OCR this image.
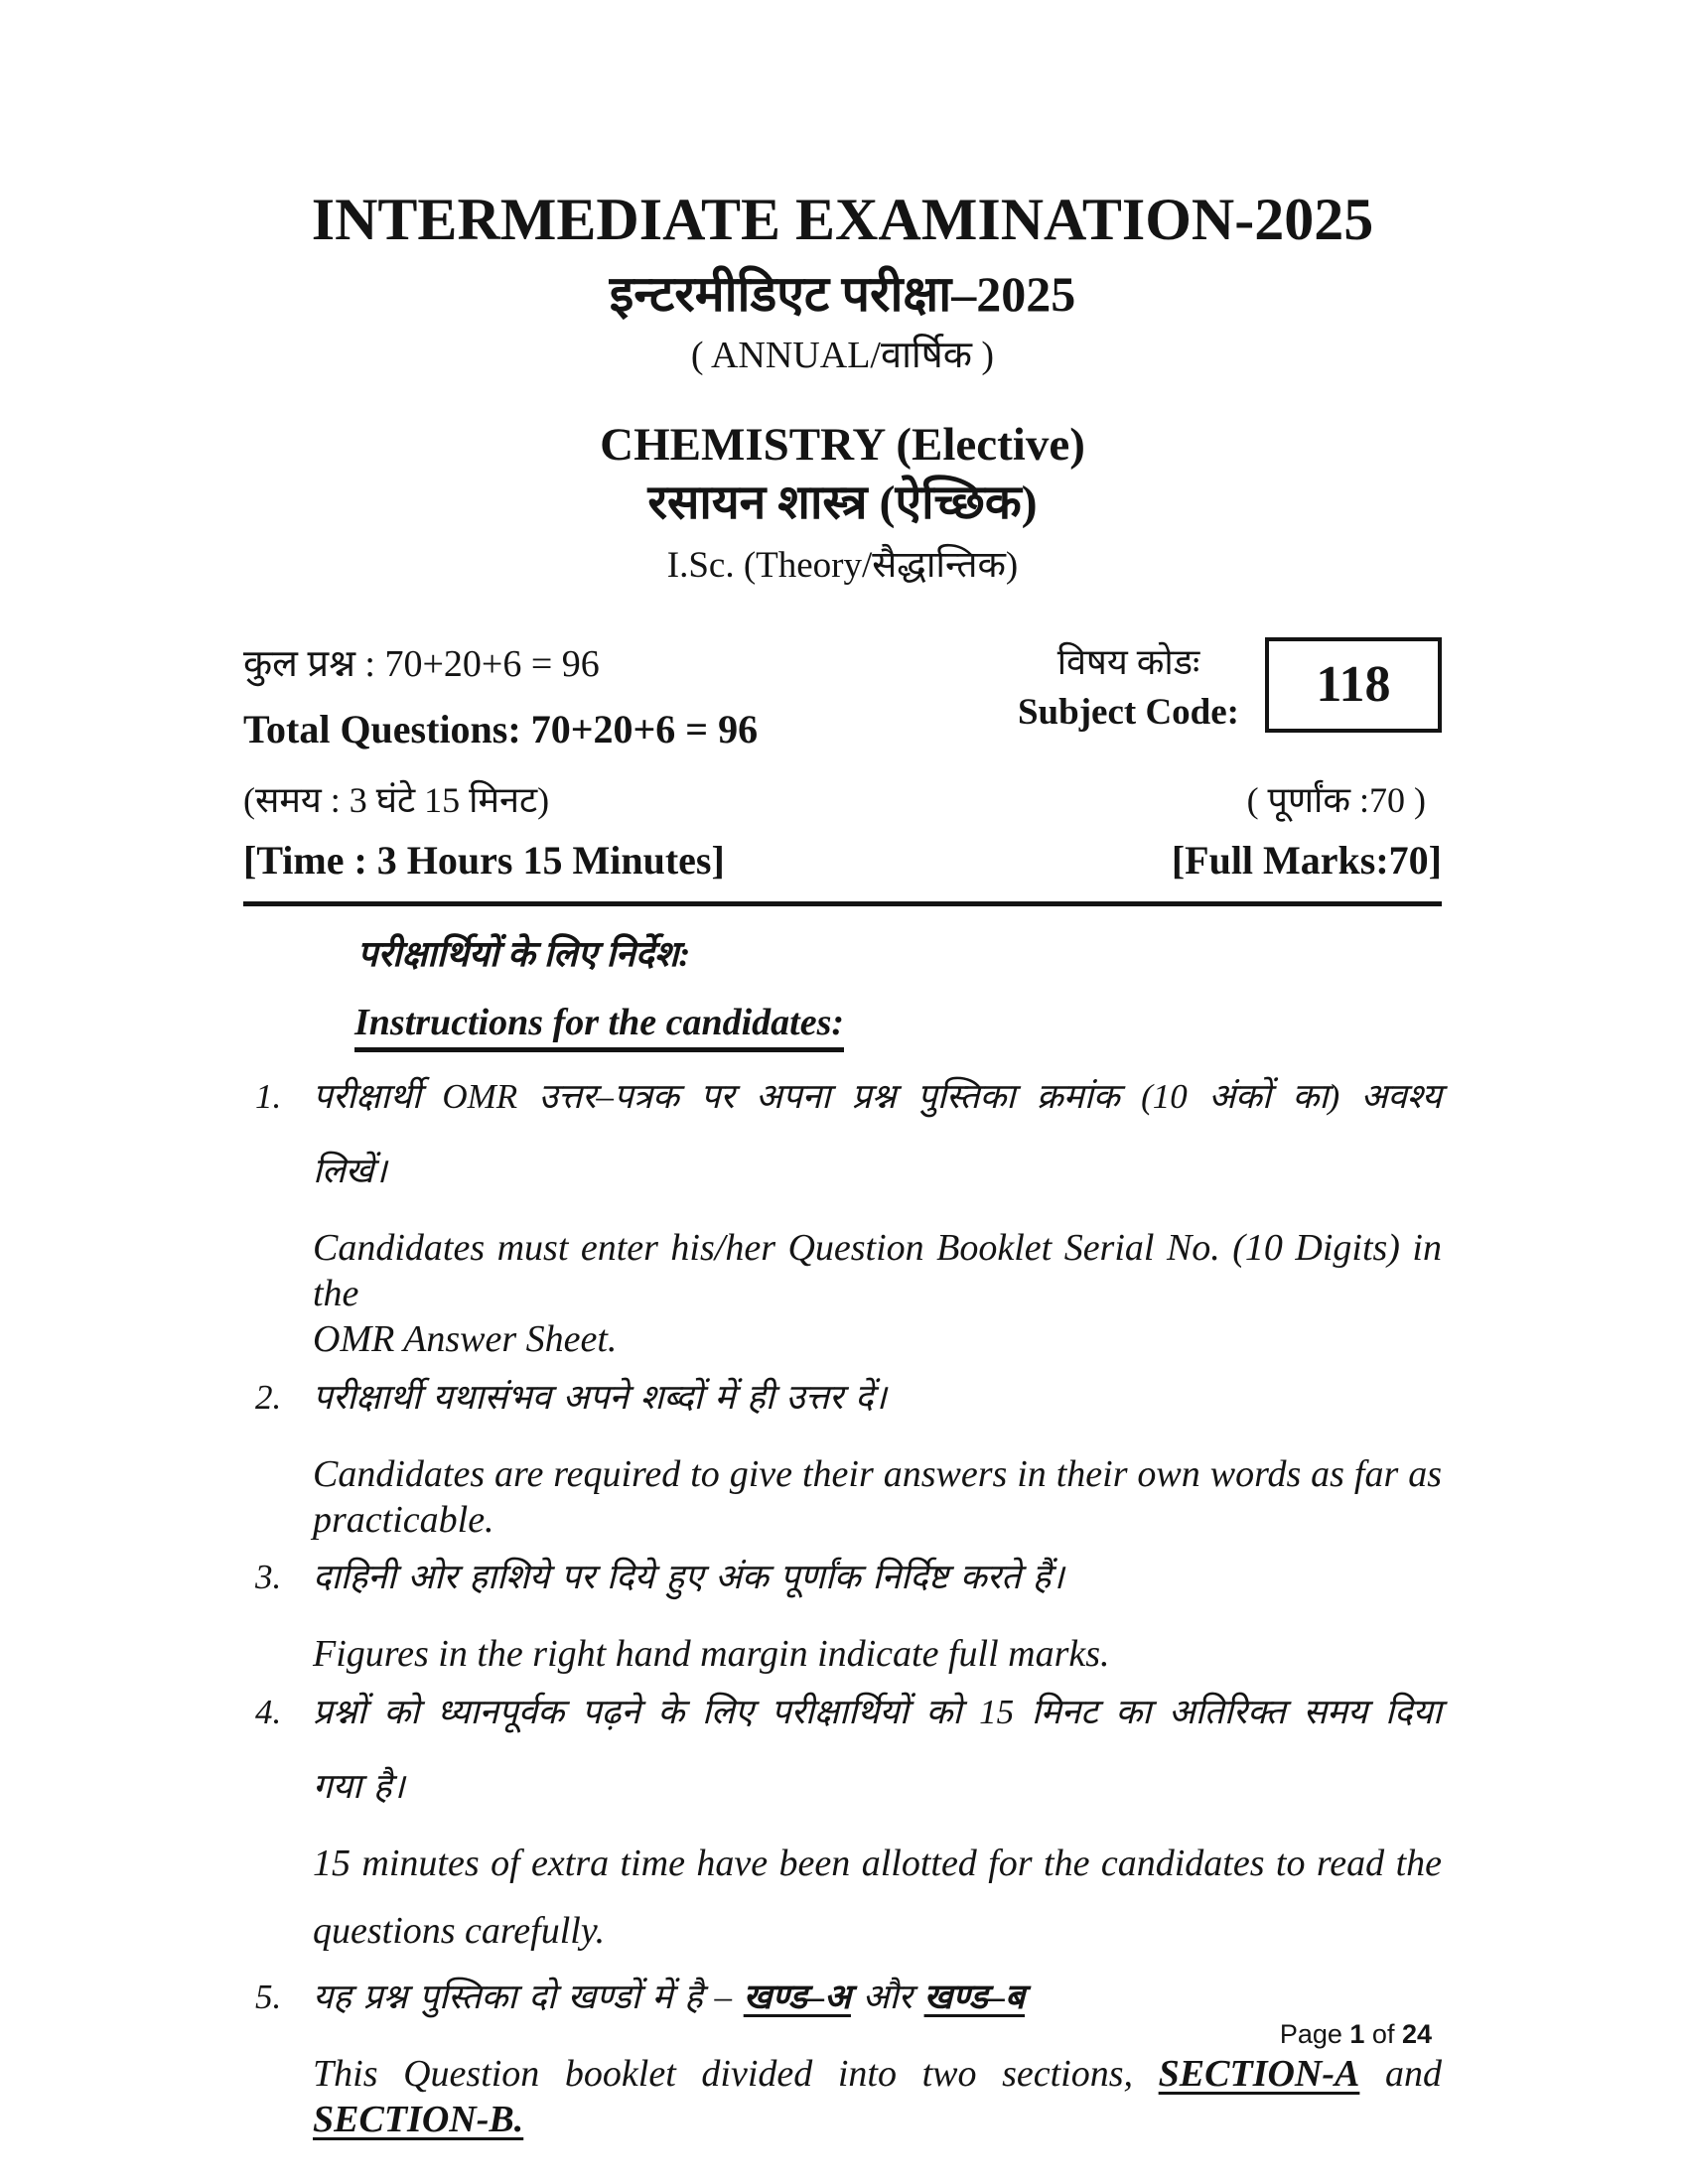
INTERMEDIATE EXAMINATION-2025
इन्टरमीडिएट परीक्षा–2025
( ANNUAL/वार्षिक )
CHEMISTRY (Elective)
रसायन शास्त्र (ऐच्छिक)
I.Sc. (Theory/सैद्धान्तिक)
कुल प्रश्न : 70+20+6 = 96	विषय कोडः
Subject Code:	118
Total Questions: 70+20+6 = 96
(समय : 3 घंटे 15 मिनट)	( पूर्णांक :70 )
[Time : 3 Hours 15 Minutes]	[Full Marks:70]
परीक्षार्थियों के लिए निर्देश:
Instructions for the candidates:
1. परीक्षार्थी OMR उत्तर–पत्रक पर अपना प्रश्न पुस्तिका क्रमांक (10 अंकों का) अवश्य
लिखें।
Candidates must enter his/her Question Booklet Serial No. (10 Digits) in the
OMR Answer Sheet.
2. परीक्षार्थी यथासंभव अपने शब्दों में ही उत्तर दें।
Candidates are required to give their answers in their own words as far as
practicable.
3. दाहिनी ओर हाशिये पर दिये हुए अंक पूर्णांक निर्दिष्ट करते हैं।
Figures in the right hand margin indicate full marks.
4. प्रश्नों को ध्यानपूर्वक पढ़ने के लिए परीक्षार्थियों को 15 मिनट का अतिरिक्त समय दिया
गया है।
15 minutes of extra time have been allotted for the candidates to read the
questions carefully.
5. यह प्रश्न पुस्तिका दो खण्डों में है – खण्ड–अ और खण्ड–ब
This Question booklet divided into two sections, SECTION-A and SECTION-B.
Page 1 of 24
